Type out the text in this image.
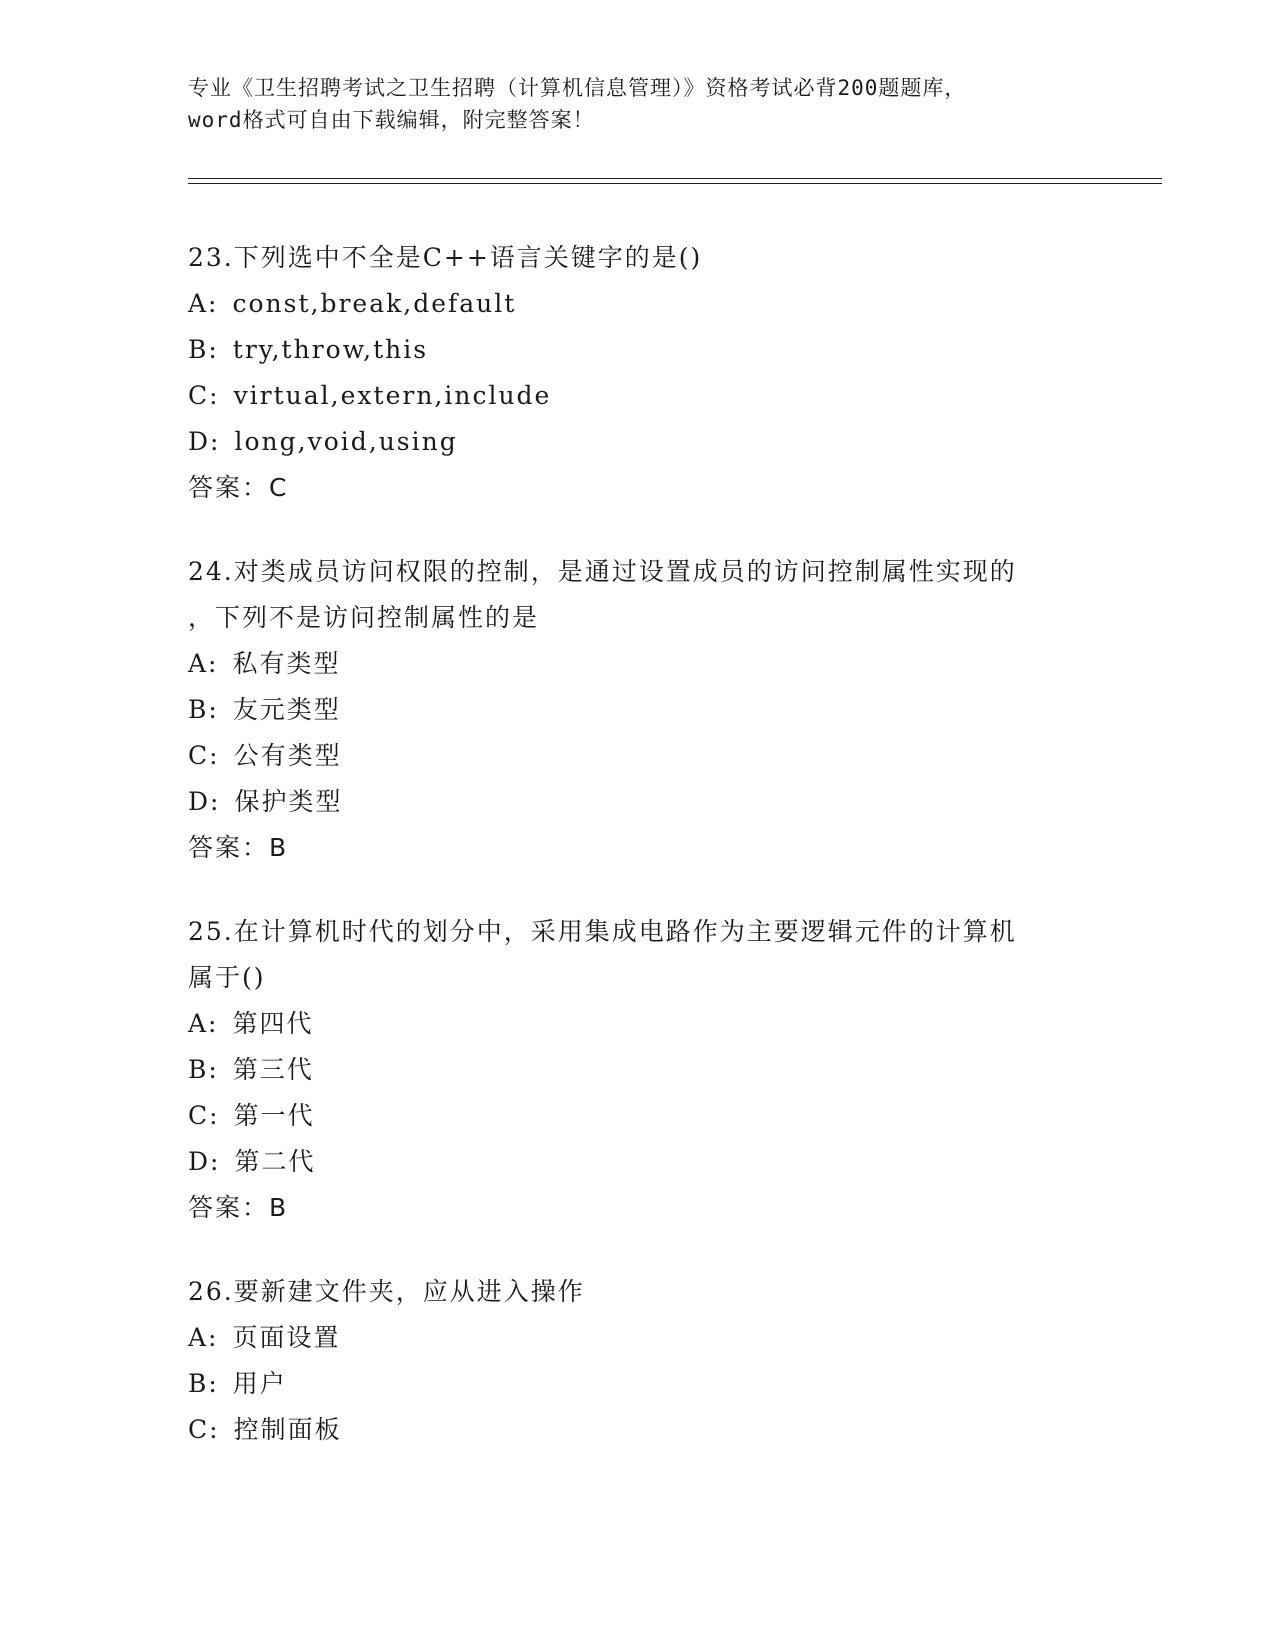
专业《卫生招聘考试之卫生招聘（计算机信息管理）》资格考试必背200题题库，
word格式可自由下载编辑，附完整答案！
23.下列选中不全是C++语言关键字的是()
A: const,break,default
B: try,throw,this
C: virtual,extern,include
D: long,void,using
答案：C
24.对类成员访问权限的控制，是通过设置成员的访问控制属性实现的
，下列不是访问控制属性的是
A: 私有类型
B: 友元类型
C: 公有类型
D: 保护类型
答案：B
25.在计算机时代的划分中，采用集成电路作为主要逻辑元件的计算机
属于()
A: 第四代
B: 第三代
C: 第一代
D: 第二代
答案：B
26.要新建文件夹，应从进入操作
A: 页面设置
B: 用户
C: 控制面板
